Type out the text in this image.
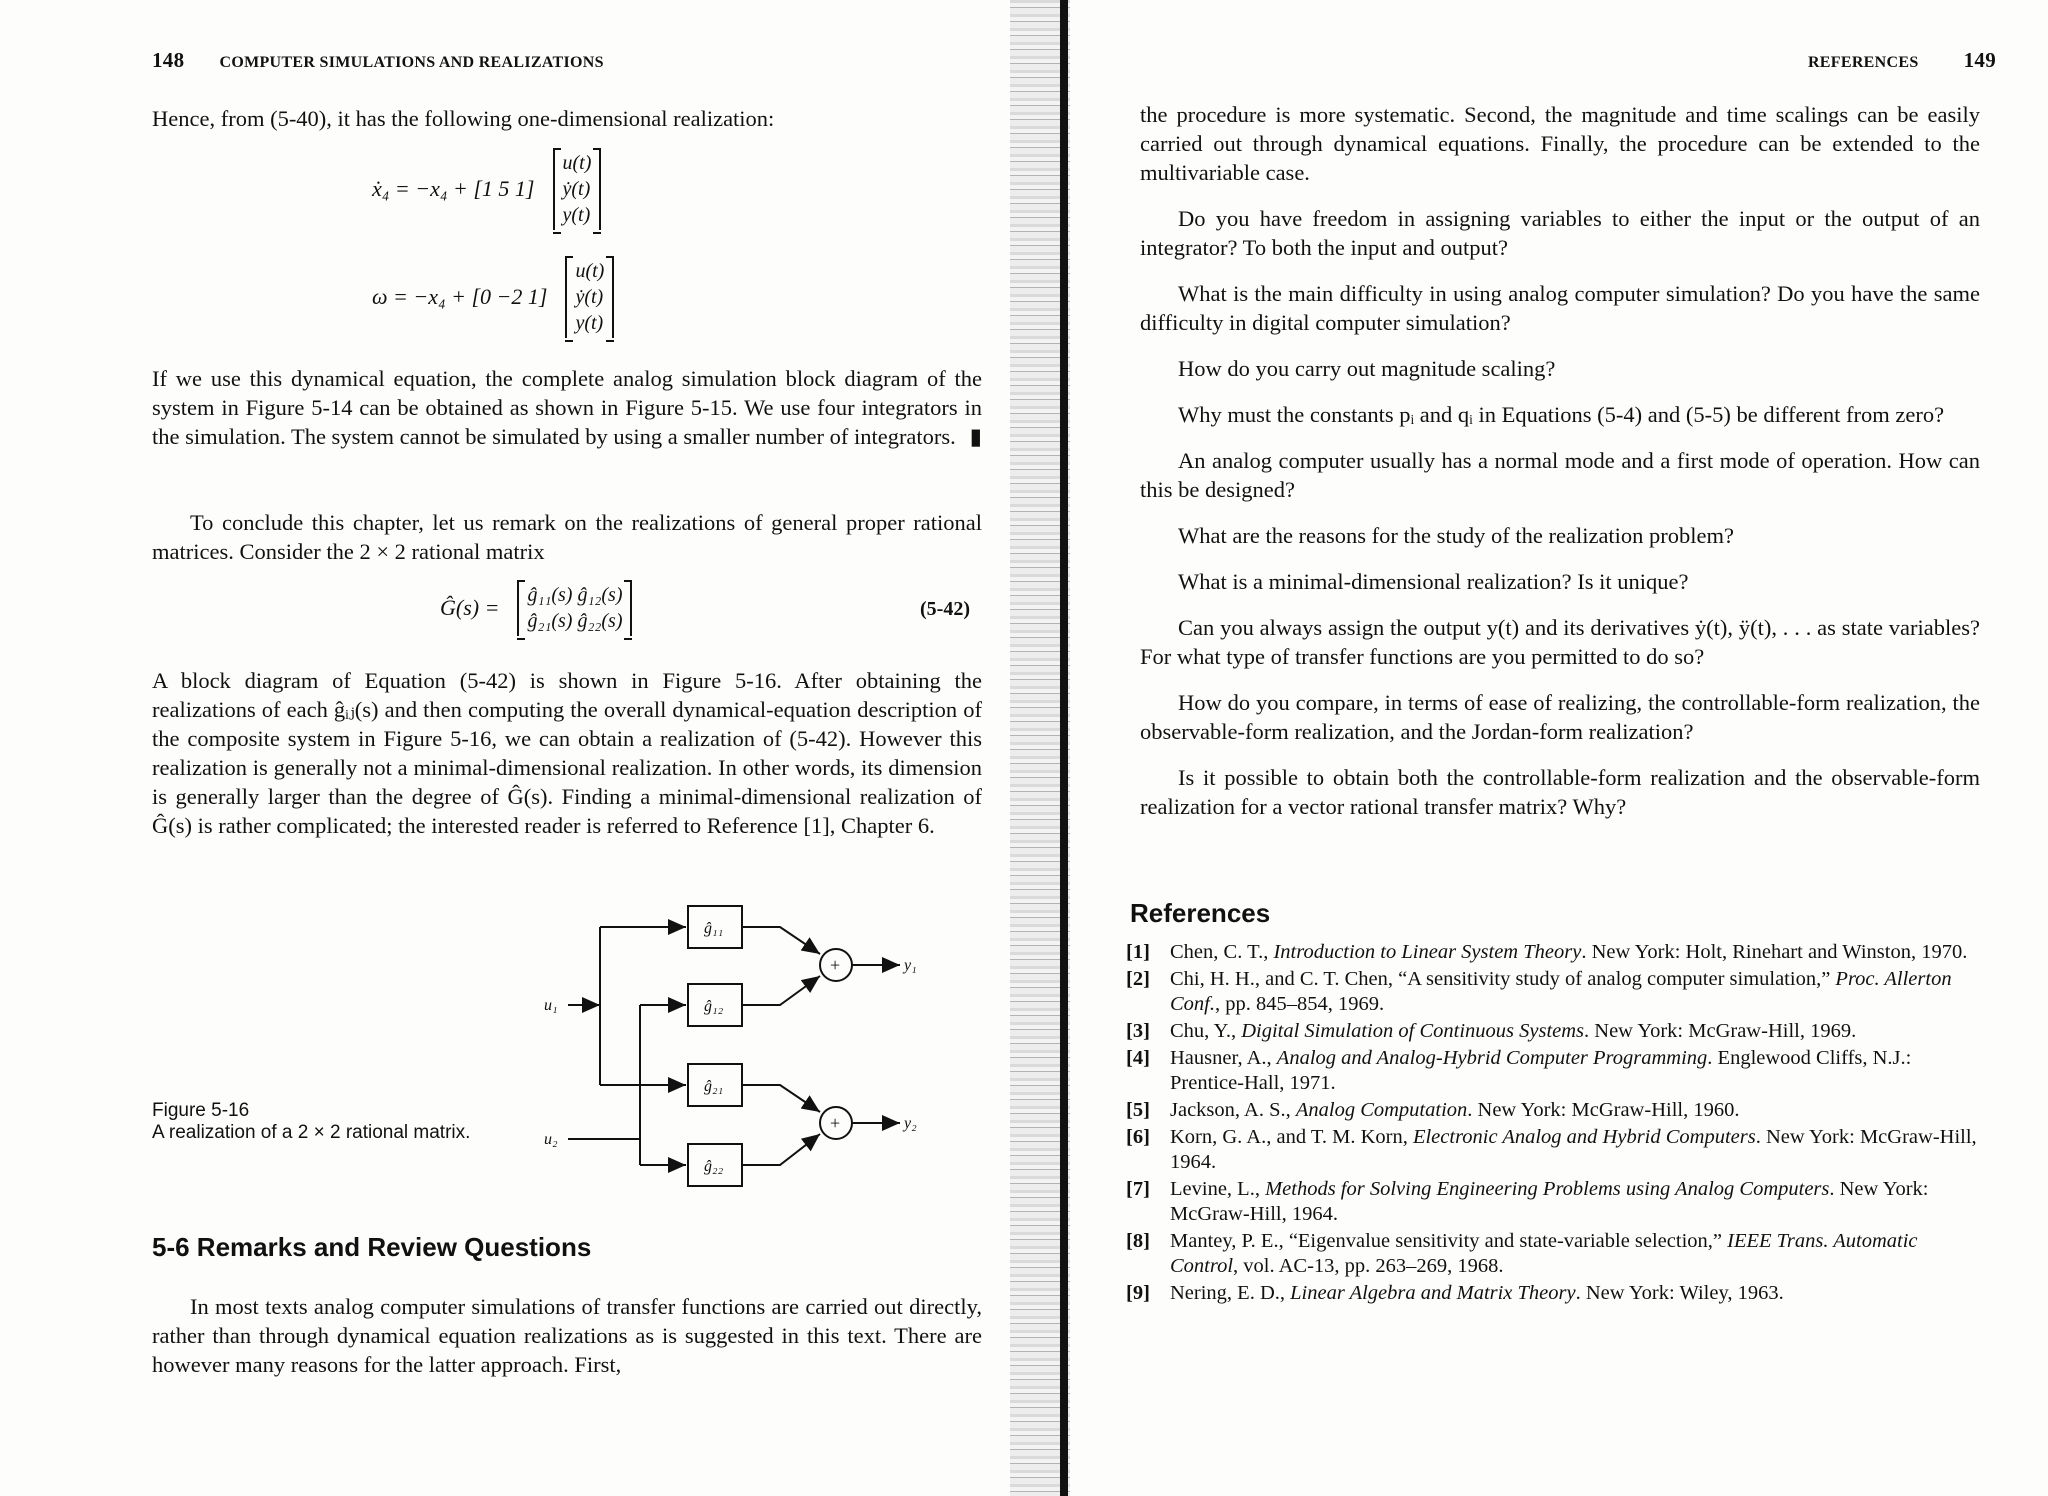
148 COMPUTER SIMULATIONS AND REALIZATIONS
Hence, from (5-40), it has the following one-dimensional realization:
ẋ₄ = −x₄ + [1 5 1]
u(t)
ẏ(t)
y(t)
ω = −x₄ + [0 −2 1]
u(t)
ẏ(t)
y(t)
If we use this dynamical equation, the complete analog simulation block diagram of the system in Figure 5-14 can be obtained as shown in Figure 5-15. We use four integrators in the simulation. The system cannot be simulated by using a smaller number of integrators. ▮
To conclude this chapter, let us remark on the realizations of general proper rational matrices. Consider the 2 × 2 rational matrix
Ĝ(s) = ĝ₁₁(s) ĝ₁₂(s)
ĝ₂₁(s) ĝ₂₂(s)
(5-42)
A block diagram of Equation (5-42) is shown in Figure 5-16. After obtaining the realizations of each ĝᵢⱼ(s) and then computing the overall dynamical-equation description of the composite system in Figure 5-16, we can obtain a realization of (5-42). However this realization is generally not a minimal-dimensional realization. In other words, its dimension is generally larger than the degree of Ĝ(s). Finding a minimal-dimensional realization of Ĝ(s) is rather complicated; the interested reader is referred to Reference [1], Chapter 6.
u₁
u₂
y₁
y₂
ĝ₁₁
ĝ₁₂
ĝ₂₁
ĝ₂₂
+
+
Figure 5-16
A realization of a 2 × 2 rational matrix.
5-6 Remarks and Review Questions
In most texts analog computer simulations of transfer functions are carried out directly, rather than through dynamical equation realizations as is suggested in this text. There are however many reasons for the latter approach. First,
REFERENCES 149

the procedure is more systematic. Second, the magnitude and time scalings can be easily carried out through dynamical equations. Finally, the procedure can be extended to the multivariable case.

Do you have freedom in assigning variables to either the input or the output of an integrator? To both the input and output?

What is the main difficulty in using analog computer simulation? Do you have the same difficulty in digital computer simulation?

How do you carry out magnitude scaling?

Why must the constants pᵢ and qᵢ in Equations (5-4) and (5-5) be different from zero?

An analog computer usually has a normal mode and a first mode of operation. How can this be designed?

What are the reasons for the study of the realization problem?

What is a minimal-dimensional realization? Is it unique?

Can you always assign the output y(t) and its derivatives ẏ(t), ÿ(t), . . . as state variables? For what type of transfer functions are you permitted to do so?

How do you compare, in terms of ease of realizing, the controllable-form realization, the observable-form realization, and the Jordan-form realization?

Is it possible to obtain both the controllable-form realization and the observable-form realization for a vector rational transfer matrix? Why?

References
[1] Chen, C. T., Introduction to Linear System Theory. New York: Holt, Rinehart and Winston, 1970.
[2] Chi, H. H., and C. T. Chen, “A sensitivity study of analog computer simulation,” Proc. Allerton Conf., pp. 845–854, 1969.
[3] Chu, Y., Digital Simulation of Continuous Systems. New York: McGraw-Hill, 1969.
[4] Hausner, A., Analog and Analog-Hybrid Computer Programming. Englewood Cliffs, N.J.: Prentice-Hall, 1971.
[5] Jackson, A. S., Analog Computation. New York: McGraw-Hill, 1960.
[6] Korn, G. A., and T. M. Korn, Electronic Analog and Hybrid Computers. New York: McGraw-Hill, 1964.
[7] Levine, L., Methods for Solving Engineering Problems using Analog Computers. New York: McGraw-Hill, 1964.
[8] Mantey, P. E., “Eigenvalue sensitivity and state-variable selection,” IEEE Trans. Automatic Control, vol. AC-13, pp. 263–269, 1968.
[9] Nering, E. D., Linear Algebra and Matrix Theory. New York: Wiley, 1963.
